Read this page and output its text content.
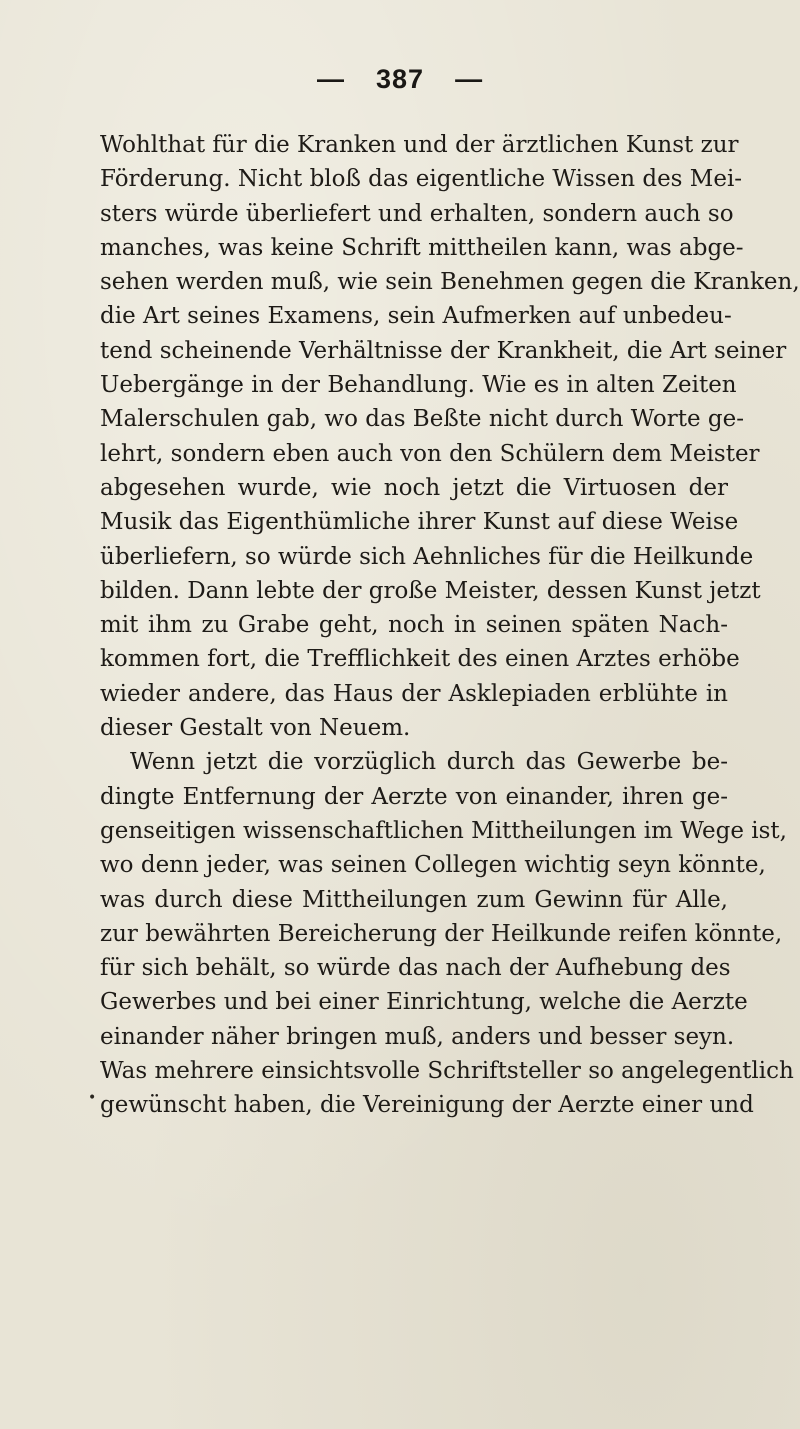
— 387 —
Wohlthat für die Kranken und der ärztlichen Kunst zur
Förderung. Nicht bloß das eigentliche Wissen des Mei-
sters würde überliefert und erhalten, sondern auch so
manches, was keine Schrift mittheilen kann, was abge-
sehen werden muß, wie sein Benehmen gegen die Kranken,
die Art seines Examens, sein Aufmerken auf unbedeu-
tend scheinende Verhältnisse der Krankheit, die Art seiner
Uebergänge in der Behandlung. Wie es in alten Zeiten
Malerschulen gab, wo das Beßte nicht durch Worte ge-
lehrt, sondern eben auch von den Schülern dem Meister
abgesehen wurde, wie noch jetzt die Virtuosen der
Musik das Eigenthümliche ihrer Kunst auf diese Weise
überliefern, so würde sich Aehnliches für die Heilkunde
bilden. Dann lebte der große Meister, dessen Kunst jetzt
mit ihm zu Grabe geht, noch in seinen späten Nach-
kommen fort, die Trefflichkeit des einen Arztes erhöbe
wieder andere, das Haus der Asklepiaden erblühte in
dieser Gestalt von Neuem.
Wenn jetzt die vorzüglich durch das Gewerbe be-
dingte Entfernung der Aerzte von einander, ihren ge-
genseitigen wissenschaftlichen Mittheilungen im Wege ist,
wo denn jeder, was seinen Collegen wichtig seyn könnte,
was durch diese Mittheilungen zum Gewinn für Alle,
zur bewährten Bereicherung der Heilkunde reifen könnte,
für sich behält, so würde das nach der Aufhebung des
Gewerbes und bei einer Einrichtung, welche die Aerzte
einander näher bringen muß, anders und besser seyn.
Was mehrere einsichtsvolle Schriftsteller so angelegentlich
gewünscht haben, die Vereinigung der Aerzte einer und
•
